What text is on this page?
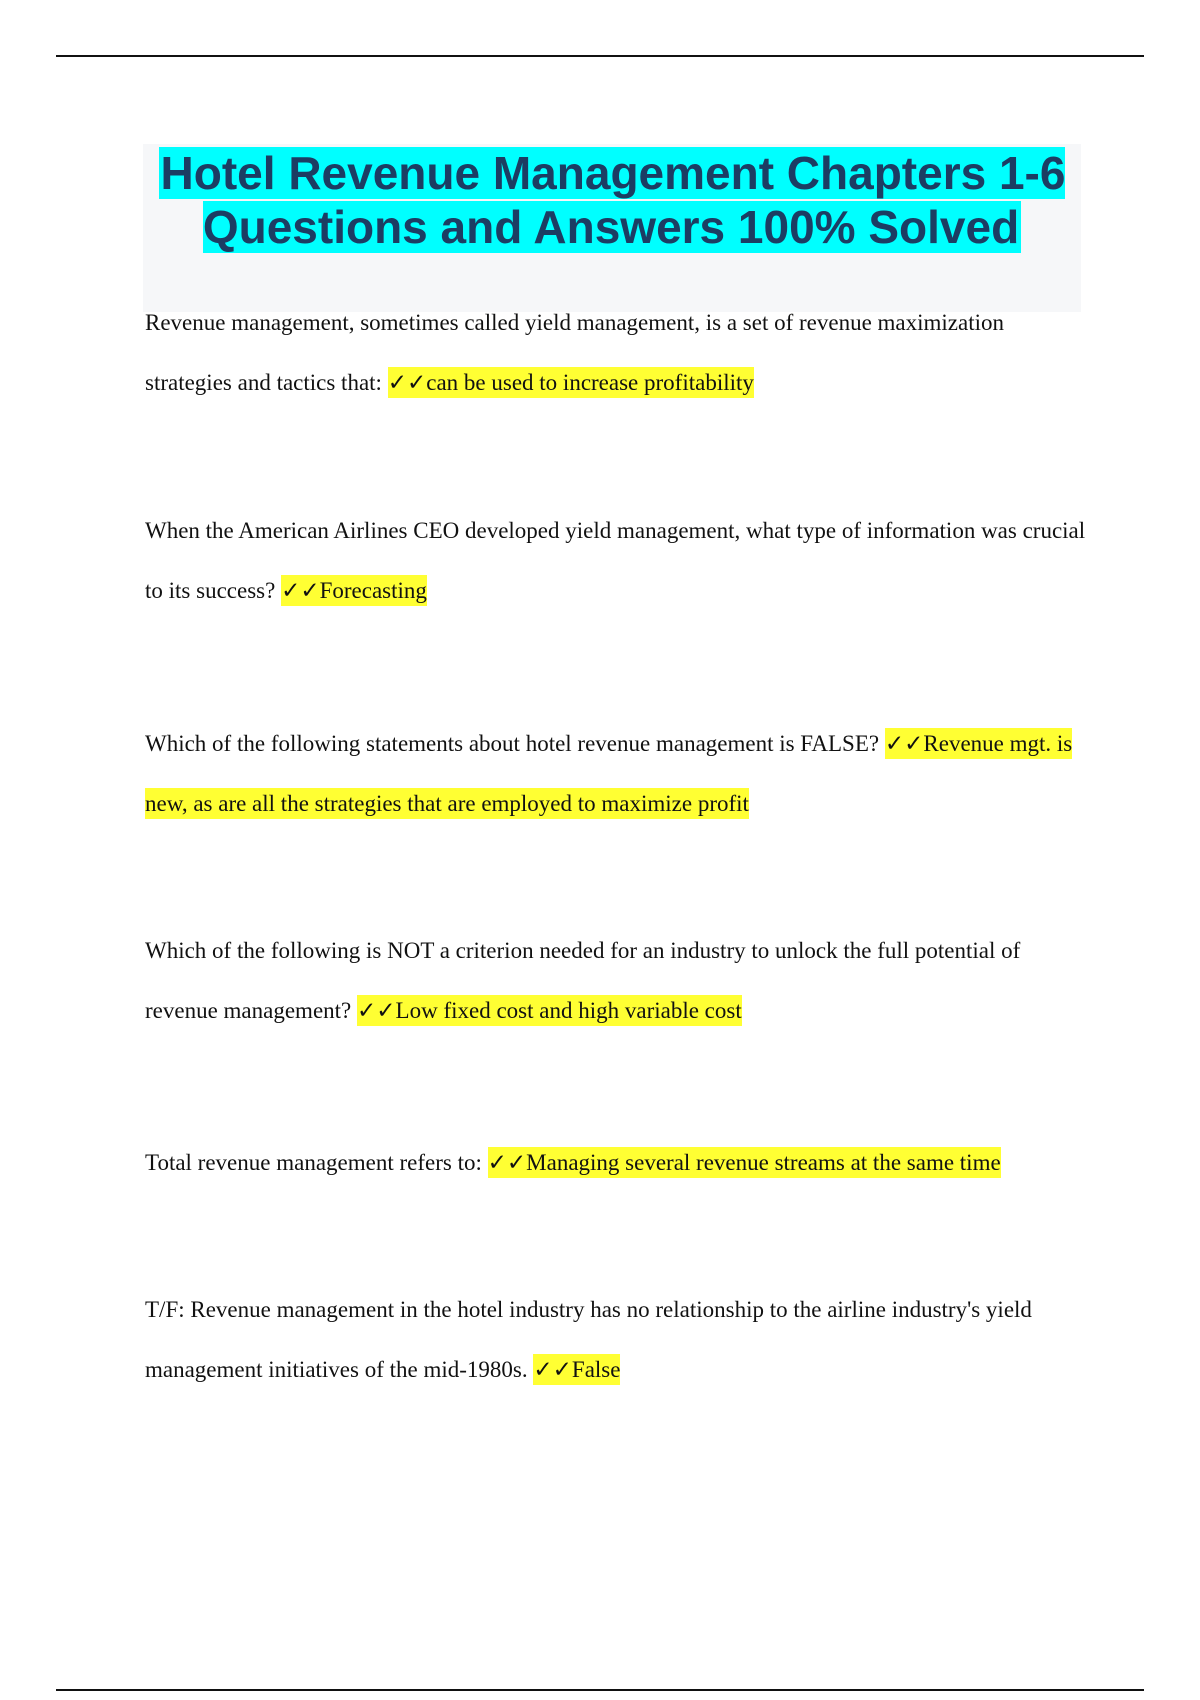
Hotel Revenue Management Chapters 1-6 Questions and Answers 100% Solved
Revenue management, sometimes called yield management, is a set of revenue maximization strategies and tactics that: ✓✓can be used to increase profitability
When the American Airlines CEO developed yield management, what type of information was crucial to its success? ✓✓Forecasting
Which of the following statements about hotel revenue management is FALSE? ✓✓Revenue mgt. is new, as are all the strategies that are employed to maximize profit
Which of the following is NOT a criterion needed for an industry to unlock the full potential of revenue management? ✓✓Low fixed cost and high variable cost
Total revenue management refers to: ✓✓Managing several revenue streams at the same time
T/F: Revenue management in the hotel industry has no relationship to the airline industry's yield management initiatives of the mid-1980s. ✓✓False
